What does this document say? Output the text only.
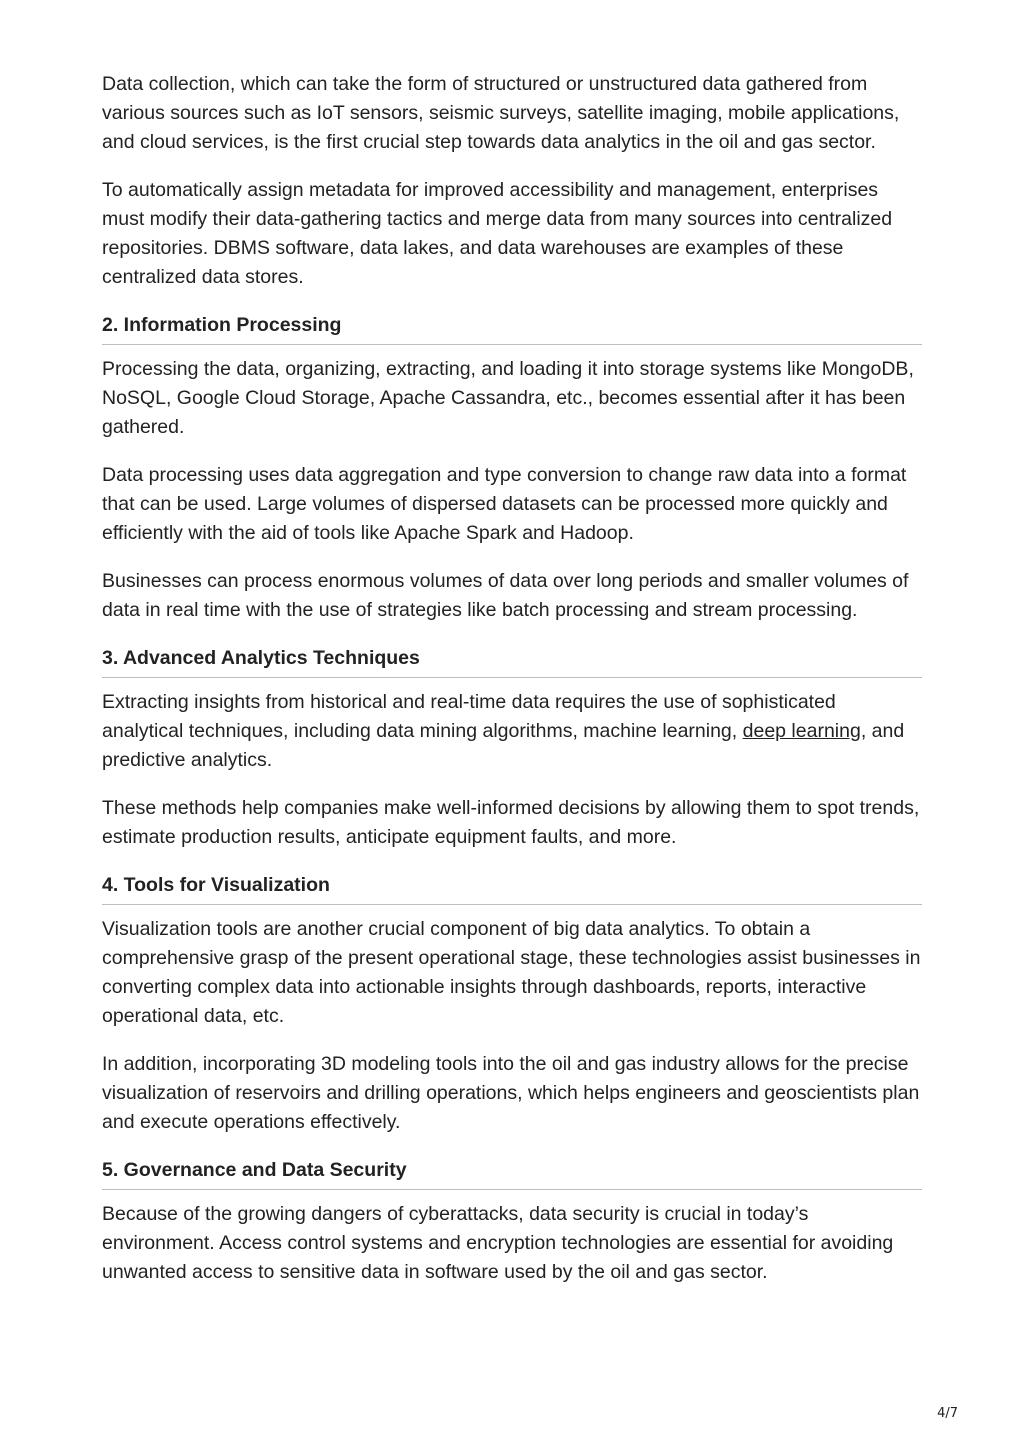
Data collection, which can take the form of structured or unstructured data gathered from various sources such as IoT sensors, seismic surveys, satellite imaging, mobile applications, and cloud services, is the first crucial step towards data analytics in the oil and gas sector.

To automatically assign metadata for improved accessibility and management, enterprises must modify their data-gathering tactics and merge data from many sources into centralized repositories. DBMS software, data lakes, and data warehouses are examples of these centralized data stores.

2. Information Processing

Processing the data, organizing, extracting, and loading it into storage systems like MongoDB, NoSQL, Google Cloud Storage, Apache Cassandra, etc., becomes essential after it has been gathered.

Data processing uses data aggregation and type conversion to change raw data into a format that can be used. Large volumes of dispersed datasets can be processed more quickly and efficiently with the aid of tools like Apache Spark and Hadoop.

Businesses can process enormous volumes of data over long periods and smaller volumes of data in real time with the use of strategies like batch processing and stream processing.

3. Advanced Analytics Techniques

Extracting insights from historical and real-time data requires the use of sophisticated analytical techniques, including data mining algorithms, machine learning, deep learning, and predictive analytics.

These methods help companies make well-informed decisions by allowing them to spot trends, estimate production results, anticipate equipment faults, and more.

4. Tools for Visualization

Visualization tools are another crucial component of big data analytics. To obtain a comprehensive grasp of the present operational stage, these technologies assist businesses in converting complex data into actionable insights through dashboards, reports, interactive operational data, etc.

In addition, incorporating 3D modeling tools into the oil and gas industry allows for the precise visualization of reservoirs and drilling operations, which helps engineers and geoscientists plan and execute operations effectively.

5. Governance and Data Security

Because of the growing dangers of cyberattacks, data security is crucial in today’s environment. Access control systems and encryption technologies are essential for avoiding unwanted access to sensitive data in software used by the oil and gas sector.

4/7
